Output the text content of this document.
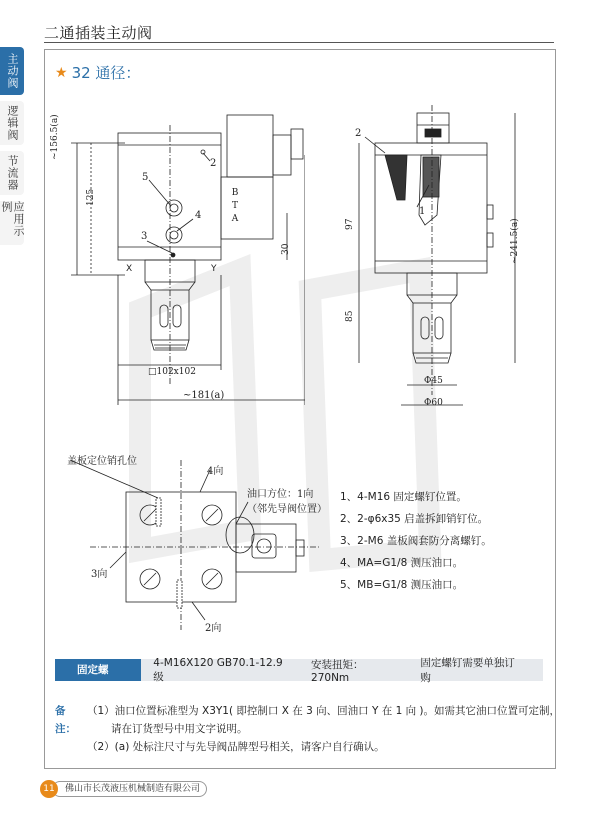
二通插装主动阀
主动阀
逻辑阀
节流器
应用示例
★ 32 通径：
B
T
A
~156.5(a)
125
30
2
5
4
3
X	Y
□102x102
~181(a)
2
1
97
85
~241.5(a)
Φ45
Φ60
盖板定位销孔位
4向
油口方位：1向
（邻先导阀位置）
3向
2向
1、4-M16 固定螺钉位置。
2、2-φ6x35 启盖拆卸销钉位。
3、2-M6 盖板阀套防分离螺钉。
4、MA=G1/8 测压油口。
5、MB=G1/8 测压油口。
固定螺栓：
4-M16X120 GB70.1-12.9 级
安装扭矩：270Nm
固定螺钉需要单独订购
备注：
（1）油口位置标准型为 X3Y1( 即控制口 X 在 3 向、回油口 Y 在 1 向 )。如需其它油口位置可定制，
请在订货型号中用文字说明。
（2）(a) 处标注尺寸与先导阀品牌型号相关，请客户自行确认。
11	佛山市长茂液压机械制造有限公司
